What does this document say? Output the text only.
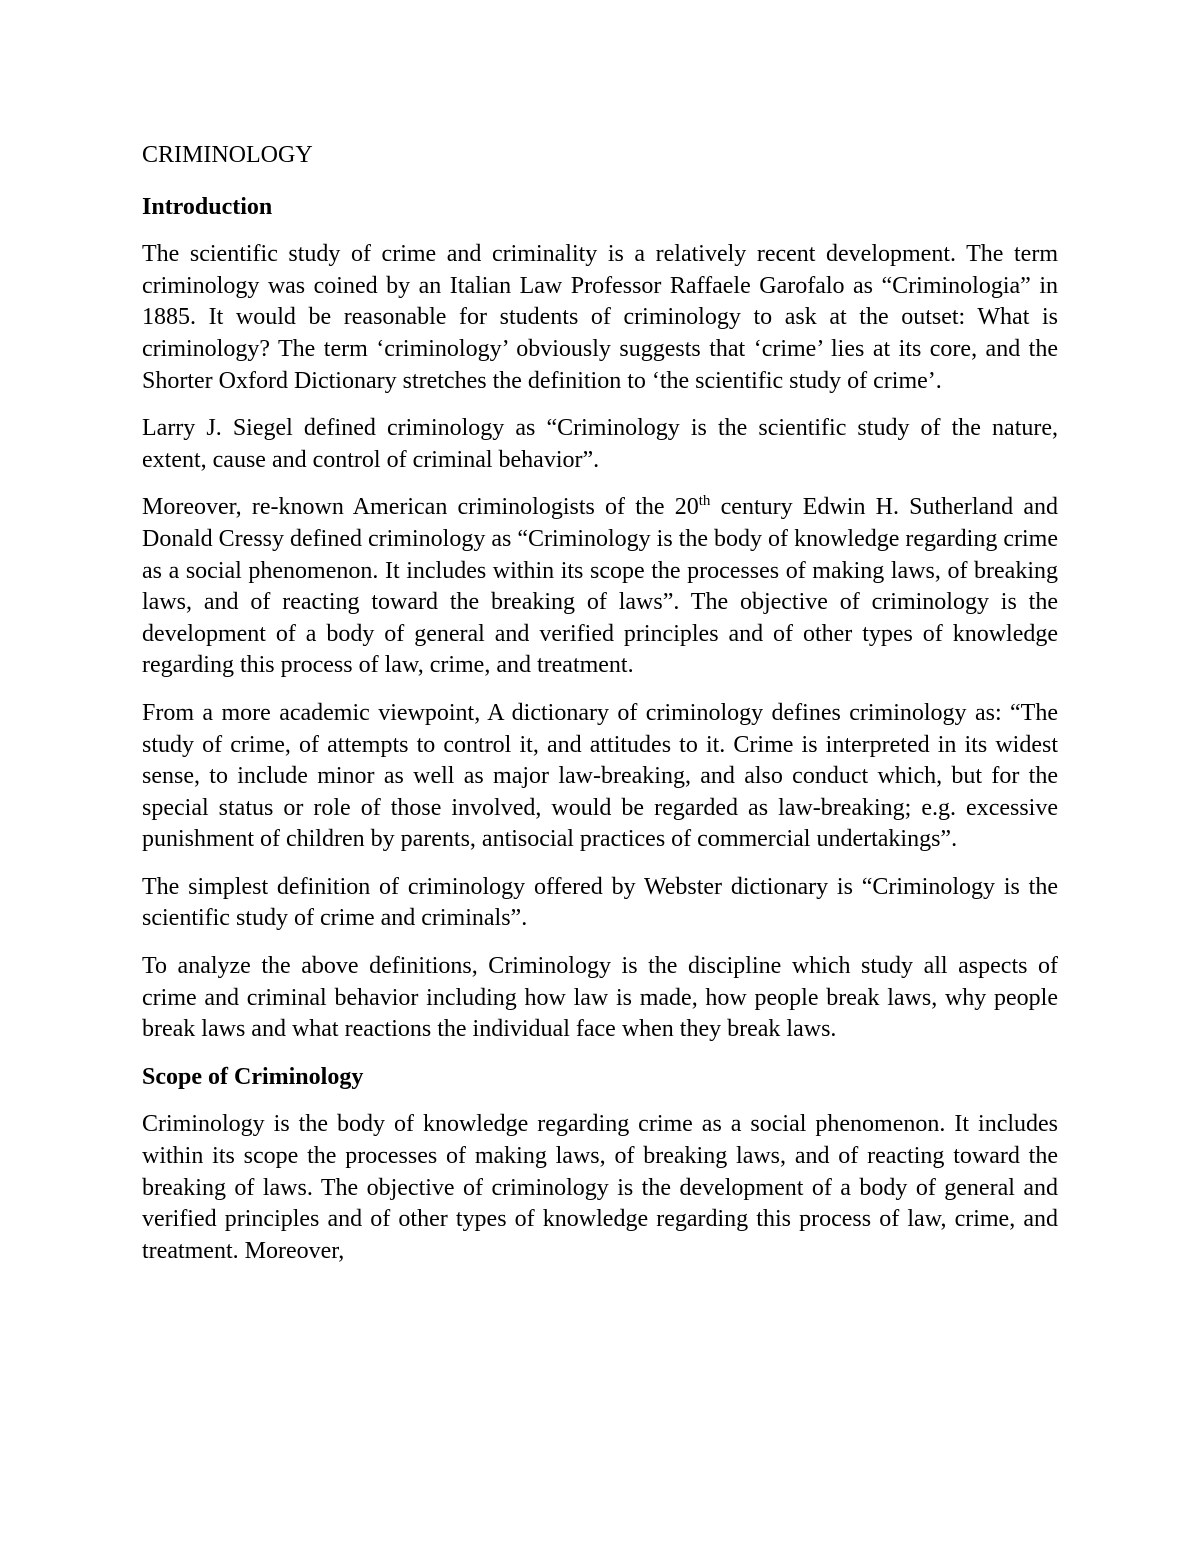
CRIMINOLOGY

Introduction

The scientific study of crime and criminality is a relatively recent development. The term criminology was coined by an Italian Law Professor Raffaele Garofalo as “Criminologia” in 1885. It would be reasonable for students of criminology to ask at the outset: What is criminology? The term ‘criminology’ obviously suggests that ‘crime’ lies at its core, and the Shorter Oxford Dictionary stretches the definition to ‘the scientific study of crime’.

Larry J. Siegel defined criminology as “Criminology is the scientific study of the nature, extent, cause and control of criminal behavior”.

Moreover, re-known American criminologists of the 20th century Edwin H. Sutherland and Donald Cressy defined criminology as “Criminology is the body of knowledge regarding crime as a social phenomenon. It includes within its scope the processes of making laws, of breaking laws, and of reacting toward the breaking of laws”. The objective of criminology is the development of a body of general and verified principles and of other types of knowledge regarding this process of law, crime, and treatment.

From a more academic viewpoint, A dictionary of criminology defines criminology as: “The study of crime, of attempts to control it, and attitudes to it. Crime is interpreted in its widest sense, to include minor as well as major law-breaking, and also conduct which, but for the special status or role of those involved, would be regarded as law-breaking; e.g. excessive punishment of children by parents, antisocial practices of commercial undertakings”.

The simplest definition of criminology offered by Webster dictionary is “Criminology is the scientific study of crime and criminals”.

To analyze the above definitions, Criminology is the discipline which study all aspects of crime and criminal behavior including how law is made, how people break laws, why people break laws and what reactions the individual face when they break laws.

Scope of Criminology

Criminology is the body of knowledge regarding crime as a social phenomenon. It includes within its scope the processes of making laws, of breaking laws, and of reacting toward the breaking of laws. The objective of criminology is the development of a body of general and verified principles and of other types of knowledge regarding this process of law, crime, and treatment. Moreover,
